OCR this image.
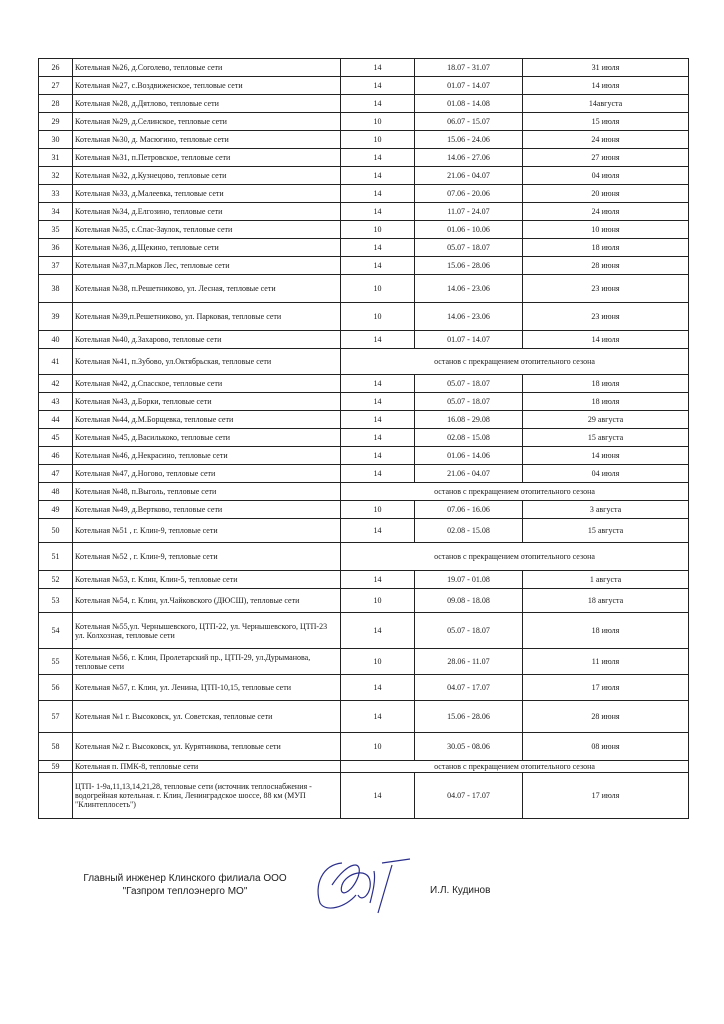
26	Котельная №26, д.Соголево, тепловые сети	14	18.07 - 31.07	31 июля
27	Котельная №27, с.Воздвиженское, тепловые сети	14	01.07 - 14.07	14 июля
28	Котельная №28, д.Дятлово, тепловые сети	14	01.08 - 14.08	14августа
29	Котельная №29, д.Селинское, тепловые сети	10	06.07 - 15.07	15 июля
30	Котельная №30, д. Масюгино, тепловые сети	10	15.06 - 24.06	24 июня
31	Котельная №31, п.Петровское, тепловые сети	14	14.06 - 27.06	27 июня
32	Котельная №32, д.Кузнецово, тепловые сети	14	21.06 - 04.07	04 июля
33	Котельная №33, д.Малеевка, тепловые сети	14	07.06 - 20.06	20 июня
34	Котельная №34, д.Елгозино, тепловые сети	14	11.07 - 24.07	24 июля
35	Котельная №35, с.Спас-Заулок, тепловые сети	10	01.06 - 10.06	10 июня
36	Котельная №36, д.Щекино, тепловые сети	14	05.07 - 18.07	18 июля
37	Котельная №37,п.Марков Лес, тепловые сети	14	15.06 - 28.06	28 июня
38	Котельная №38, п.Решетниково, ул. Лесная, тепловые сети	10	14.06 - 23.06	23 июня
39	Котельная №39,п.Решетниково, ул. Парковая, тепловые сети	10	14.06 - 23.06	23 июня
40	Котельная №40, д.Захарово, тепловые сети	14	01.07 - 14.07	14 июля
41	Котельная №41, п.Зубово, ул.Октябрьская, тепловые сети	останов с прекращением отопительного сезона		
42	Котельная №42, д.Спасское, тепловые сети	14	05.07 - 18.07	18 июля
43	Котельная №43, д.Борки, тепловые сети	14	05.07 - 18.07	18 июля
44	Котельная №44, д.М.Борщевка, тепловые сети	14	16.08 - 29.08	29 августа
45	Котельная №45, д.Василькоко, тепловые сети	14	02.08 - 15.08	15 августа
46	Котельная №46, д.Некрасино, тепловые сети	14	01.06 - 14.06	14 июня
47	Котельная №47, д.Ногово, тепловые сети	14	21.06 - 04.07	04 июля
48	Котельная №48, п.Выголь, тепловые сети	останов с прекращением отопительного сезона		
49	Котельная №49, д.Вертково, тепловые сети	10	07.06 - 16.06	3 августа
50	Котельная №51 , г. Клин-9, тепловые сети	14	02.08 - 15.08	15 августа
51	Котельная №52 , г. Клин-9, тепловые сети	останов с прекращением отопительного сезона		
52	Котельная №53, г. Клин, Клин-5, тепловые сети	14	19.07 - 01.08	1 августа
53	Котельная №54, г. Клин, ул.Чайковского (ДЮСШ), тепловые сети	10	09.08 - 18.08	18 августа
54	Котельная №55,ул. Чернышевского, ЦТП-22, ул. Чернышевского, ЦТП-23 ул. Колхозная, тепловые сети	14	05.07 - 18.07	18 июля
55	Котельная №56, г. Клин, Пролетарский пр., ЦТП-29, ул.Дурыманова, тепловые сети	10	28.06 - 11.07	11 июля
56	Котельная №57, г. Клин, ул. Ленина, ЦТП-10,15, тепловые сети	14	04.07 - 17.07	17 июля
57	Котельная №1 г. Высоковск, ул. Советская, тепловые сети	14	15.06 - 28.06	28 июня
58	Котельная №2 г. Высоковск, ул. Курятникова, тепловые сети	10	30.05 - 08.06	08 июня
59	Котельная п. ПМК-8, тепловые сети	останов с прекращением отопительного сезона		
	ЦТП- 1-9а,11,13,14,21,28, тепловые сети (источник теплоснабжения - водогрейная котельная. г. Клин, Ленинградское шоссе, 88 км (МУП "Клинтеплосеть")	14	04.07 - 17.07	17 июля
Главный инженер Клинского филиала ООО
"Газпром теплоэнерго МО"	И.Л. Кудинов
